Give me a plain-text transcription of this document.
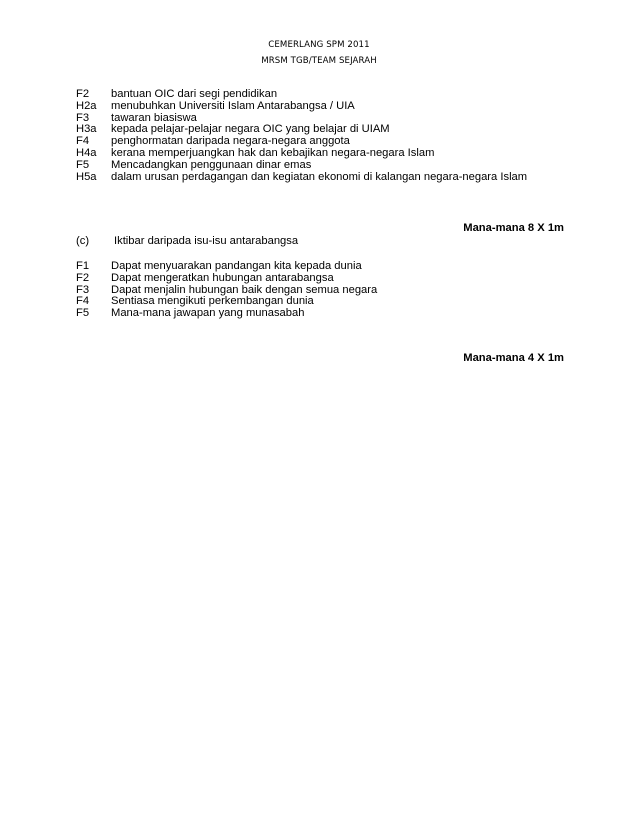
CEMERLANG SPM 2011
MRSM TGB/TEAM SEJARAH
F2	bantuan OIC dari segi pendidikan
H2a	menubuhkan Universiti Islam Antarabangsa / UIA
F3	tawaran biasiswa
H3a	kepada pelajar-pelajar negara OIC yang belajar di UIAM
F4	penghormatan daripada negara-negara anggota
H4a	kerana memperjuangkan hak dan kebajikan negara-negara Islam
F5	Mencadangkan penggunaan dinar emas
H5a	dalam urusan perdagangan dan kegiatan ekonomi di kalangan negara-negara Islam
Mana-mana 8 X 1m
(c)	Iktibar daripada isu-isu antarabangsa
F1	Dapat menyuarakan pandangan kita kepada dunia
F2	Dapat mengeratkan hubungan antarabangsa
F3	Dapat menjalin hubungan baik dengan semua negara
F4	Sentiasa mengikuti perkembangan dunia
F5	Mana-mana jawapan yang munasabah
Mana-mana 4 X 1m
